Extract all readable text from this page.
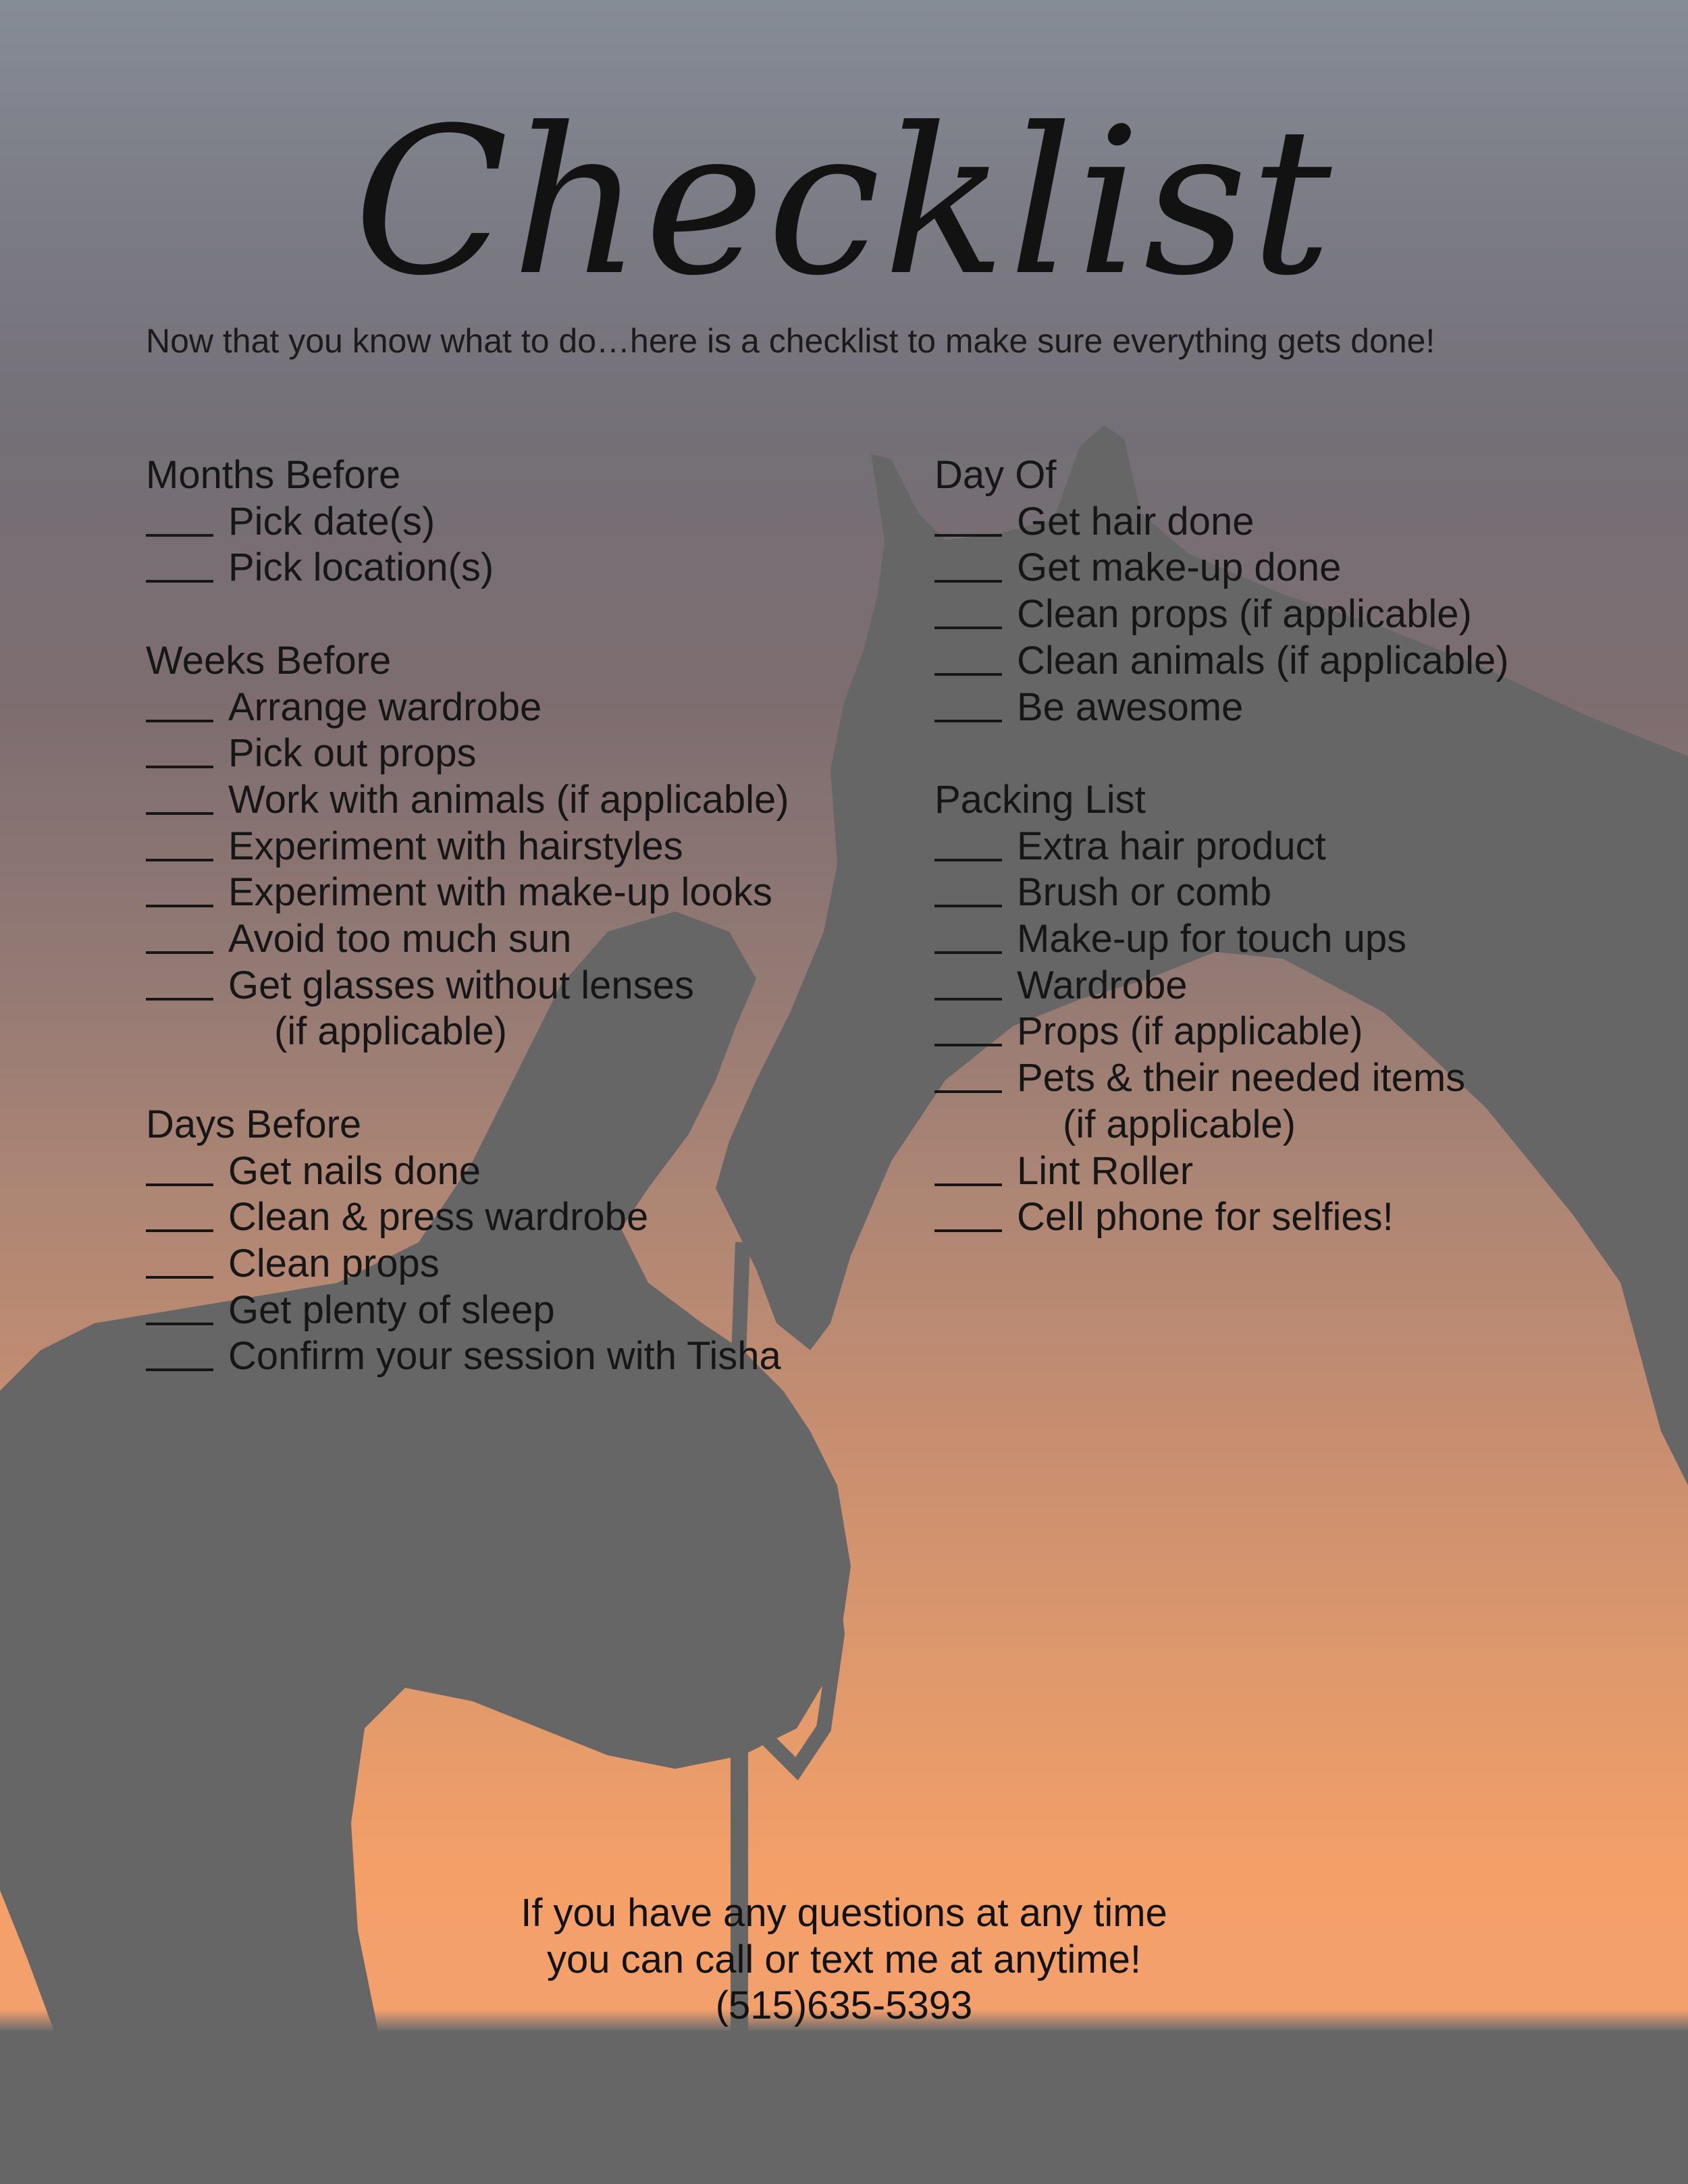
Checklist
Now that you know what to do…here is a checklist to make sure everything gets done!
Months Before
Pick date(s)
Pick location(s)
Weeks Before
Arrange wardrobe
Pick out props
Work with animals (if applicable)
Experiment with hairstyles
Experiment with make-up looks
Avoid too much sun
Get glasses without lenses
(if applicable)
Days Before
Get nails done
Clean & press wardrobe
Clean props
Get plenty of sleep
Confirm your session with Tisha
Day Of
Get hair done
Get make-up done
Clean props (if applicable)
Clean animals (if applicable)
Be awesome
Packing List
Extra hair product
Brush or comb
Make-up for touch ups
Wardrobe
Props (if applicable)
Pets & their needed items
(if applicable)
Lint Roller
Cell phone for selfies!
If you have any questions at any time
you can call or text me at anytime!
(515)635-5393
